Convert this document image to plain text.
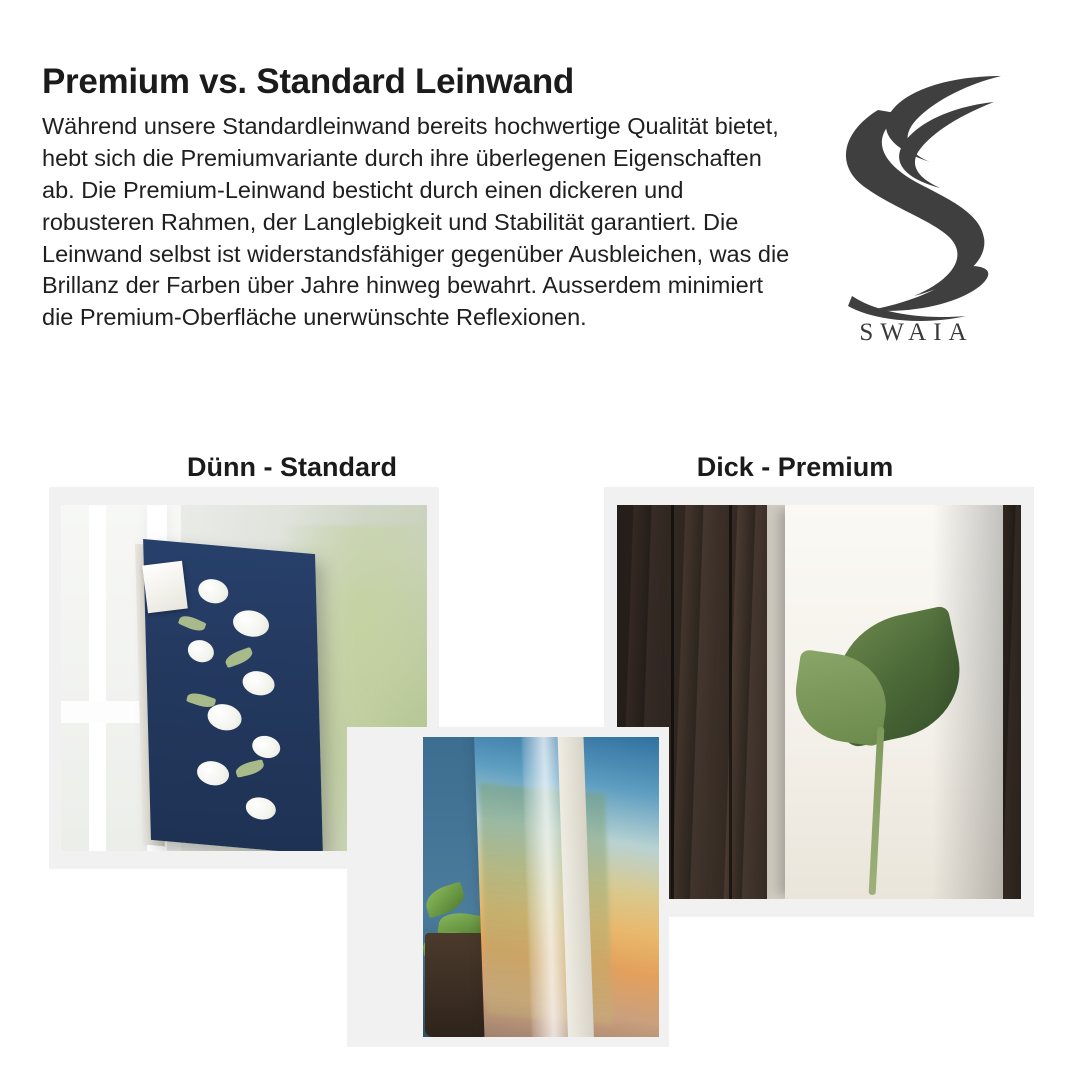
Premium vs. Standard Leinwand

Während unsere Standardleinwand bereits hochwertige Qualität bietet, hebt sich die Premiumvariante durch ihre überlegenen Eigenschaften ab. Die Premium-Leinwand besticht durch einen dickeren und robusteren Rahmen, der Langlebigkeit und Stabilität garantiert. Die Leinwand selbst ist widerstandsfähiger gegenüber Ausbleichen, was die Brillanz der Farben über Jahre hinweg bewahrt. Ausserdem minimiert die Premium-Oberfläche unerwünschte Reflexionen.

SWAIA
Dünn - Standard	Dick - Premium
